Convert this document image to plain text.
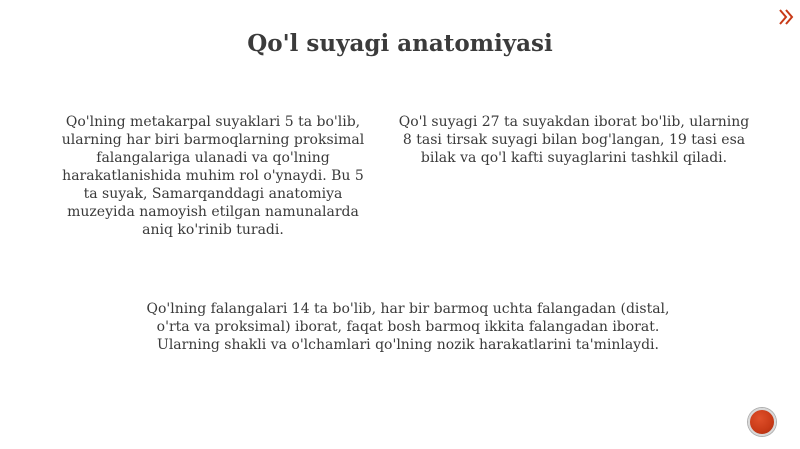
Qo'l suyagi anatomiyasi

Qo'lning metakarpal suyaklari 5 ta bo'lib, ularning har biri barmoqlarning proksimal falangalariga ulanadi va qo'lning harakatlanishida muhim rol o'ynaydi. Bu 5 ta suyak, Samarqanddagi anatomiya muzeyida namoyish etilgan namunalarda aniq ko'rinib turadi.

Qo'l suyagi 27 ta suyakdan iborat bo'lib, ularning 8 tasi tirsak suyagi bilan bog'langan, 19 tasi esa bilak va qo'l kafti suyaglarini tashkil qiladi.

Qo'lning falangalari 14 ta bo'lib, har bir barmoq uchta falangadan (distal, o'rta va proksimal) iborat, faqat bosh barmoq ikkita falangadan iborat. Ularning shakli va o'lchamlari qo'lning nozik harakatlarini ta'minlaydi.
